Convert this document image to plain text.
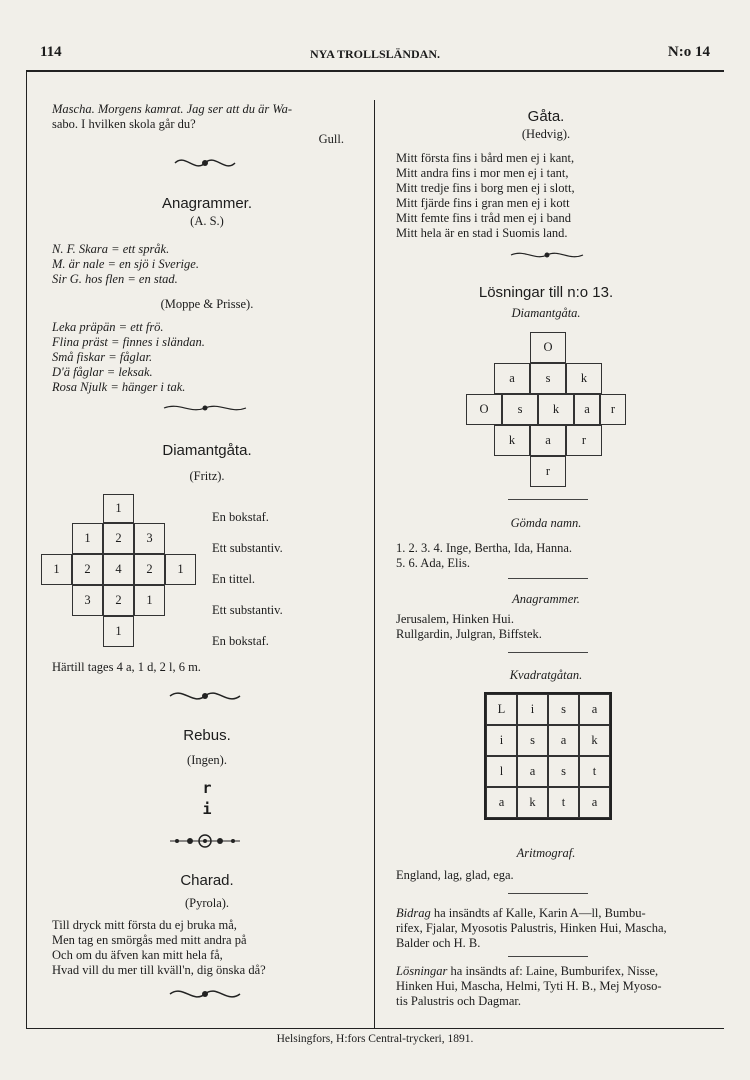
114	NYA TROLLSLÄNDAN.	N:o 14

Mascha. Morgens kamrat. Jag ser att du är Wa-

sabo. I hvilken skola går du?

Gull.

Anagrammer.
(A. S.)

N. F. Skara = ett språk.

M. är nale = en sjö i Sverige.

Sir G. hos flen = en stad.

(Moppe & Prisse).

Leka präpän = ett frö.

Flina präst = finnes i sländan.

Små fiskar = fåglar.

D'ä fåglar = leksak.

Rosa Njulk = hänger i tak.

Diamantgåta.
(Fritz).
1
1	2	3
1	2	4	2	1
3	2	1
1

En bokstaf.

Ett substantiv.

En tittel.

Ett substantiv.

En bokstaf.

Härtill tages 4 a, 1 d, 2 l, 6 m.
Rebus.
(Ingen).

r

i

Charad.
(Pyrola).

Till dryck mitt första du ej bruka må,

Men tag en smörgås med mitt andra på

Och om du äfven kan mitt hela få,

Hvad vill du mer till kväll'n, dig önska då?

Gåta.
(Hedvig).

Mitt första fins i bård men ej i kant,

Mitt andra fins i mor men ej i tant,

Mitt tredje fins i borg men ej i slott,

Mitt fjärde fins i gran men ej i kott

Mitt femte fins i tråd men ej i band

Mitt hela är en stad i Suomis land.

Lösningar till n:o 13.
Diamantgåta.
O
a	s	k
O	s	k	a	r
k	a	r
r
Gömda namn.

1. 2. 3. 4. Inge, Bertha, Ida, Hanna.

5. 6. Ada, Elis.

Anagrammer.

Jerusalem, Hinken Hui.

Rullgardin, Julgran, Biffstek.

Kvadratgåtan.
L	i	s	a
i	s	a	k
l	a	s	t
a	k	t	a
Aritmograf.
England, lag, glad, ega.

Bidrag ha insändts af Kalle, Karin A—ll, Bumbu-

rifex, Fjalar, Myosotis Palustris, Hinken Hui, Mascha,

Balder och H. B.

Lösningar ha insändts af: Laine, Bumburifex, Nisse,

Hinken Hui, Mascha, Helmi, Tyti H. B., Mej Myoso-

tis Palustris och Dagmar.

Helsingfors, H:fors Central-tryckeri, 1891.
